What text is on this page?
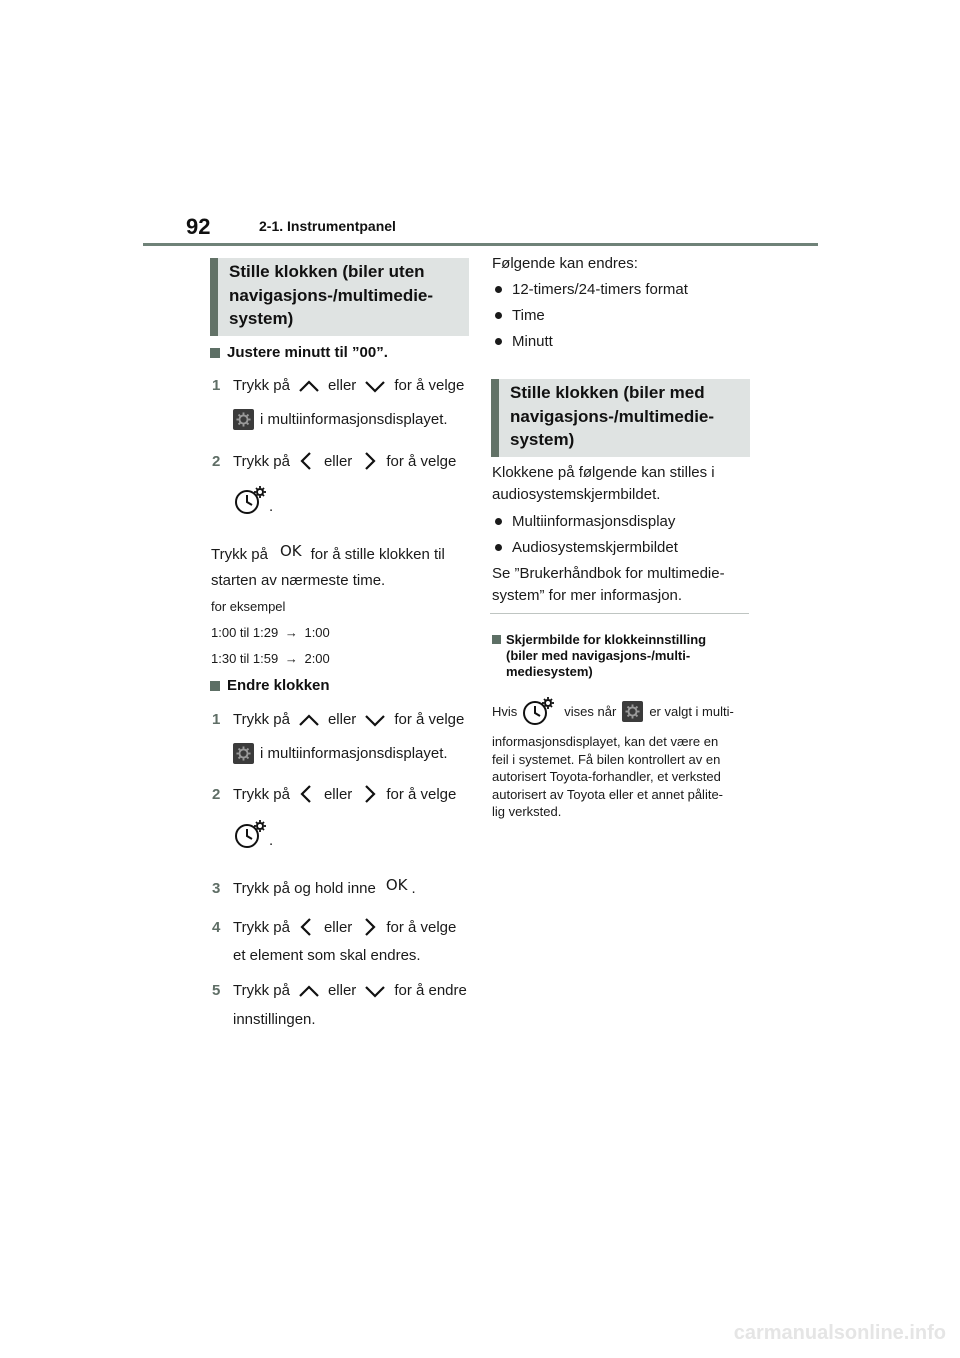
92	2-1. Instrumentpanel
Stille klokken (biler uten
navigasjons-/multimedie-
system)
Justere minutt til ”00”.
1 Trykk på	eller	for å velge
i multiinformasjonsdisplayet.
2 Trykk på eller for å velge
.
Trykk på OK for å stille klokken til
starten av nærmeste time.
for eksempel
1:00 til 1:29 → 1:00
1:30 til 1:59 → 2:00
Endre klokken
1 Trykk på	eller	for å velge
i multiinformasjonsdisplayet.
2 Trykk på eller for å velge
.
3 Trykk på og hold inne OK .
4 Trykk på eller for å velge
et element som skal endres.
5 Trykk på	eller	for å endre
innstillingen.
Følgende kan endres:
12-timers/24-timers format
Time
Minutt
Stille klokken (biler med
navigasjons-/multimedie-
system)
Klokkene på følgende kan stilles i
audiosystemskjermbildet.
Multiinformasjonsdisplay
Audiosystemskjermbildet
Se ”Brukerhåndbok for multimedie-
system” for mer informasjon.
Skjermbilde for klokkeinnstilling
(biler med navigasjons-/multi-
mediesystem)
Hvis	vises når	er valgt i multi-
informasjonsdisplayet, kan det være en
feil i systemet. Få bilen kontrollert av en
autorisert Toyota-forhandler, et verksted
autorisert av Toyota eller et annet pålite-
lig verksted.
carmanualsonline.info
